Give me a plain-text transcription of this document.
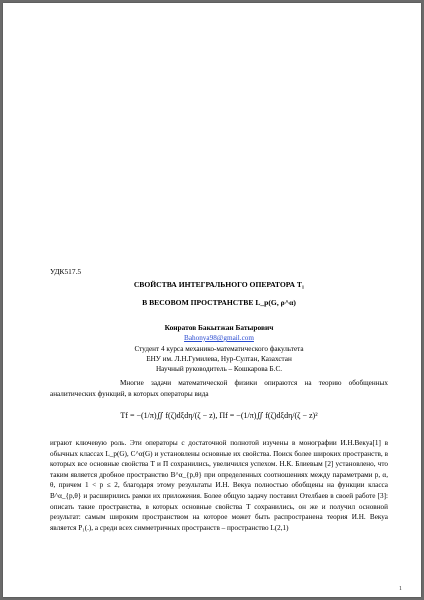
УДК517.5
СВОЙСТВА ИНТЕГРАЛЬНОГО ОПЕРАТОРА T₁
В ВЕСОВОМ ПРОСТРАНСТВЕ L_p(G, ρ^α)
Конратов Бакытжан Батырович
Bahonya98@gmail.com
Студент 4 курса механико-математического факультета
ЕНУ им. Л.Н.Гумилева, Нур-Султан, Казахстан
Научный руководитель – Кошкарова Б.С.
Многие задачи математической физики опираются на теорию обобщенных аналитических функций, в которых операторы вида
Tf = −(1/π)∬ f(ζ)dξdη/(ζ − z), Πf = −(1/π)∬ f(ζ)dξdη/(ζ − z)²
играют ключевую роль. Эти операторы с достаточной полнотой изучены в монографии И.Н.Векуа[1] в обычных классах L_p(G), C^α(G) и установлены основные их свойства. Поиск более широких пространств, в которых все основные свойства T и Π сохранились, увеличился успехом. Н.К. Блиевым [2] установлено, что таким является дробное пространство B^α_{p,θ} при определенных соотношениях между параметрами p, α, θ, причем 1 < p ≤ 2, благодаря этому результаты И.Н. Векуа полностью обобщены на функции класса B^α_{p,θ} и расширились рамки их приложения. Более общую задачу поставил Отелбаев в своей работе [3]: описать такие пространства, в которых основные свойства T сохранились, он же и получил основной результат: самым широким пространством на которое может быть распространена теория И.Н. Векуа является P₁(.), а среди всех симметричных пространств – пространство L(2,1)
1
